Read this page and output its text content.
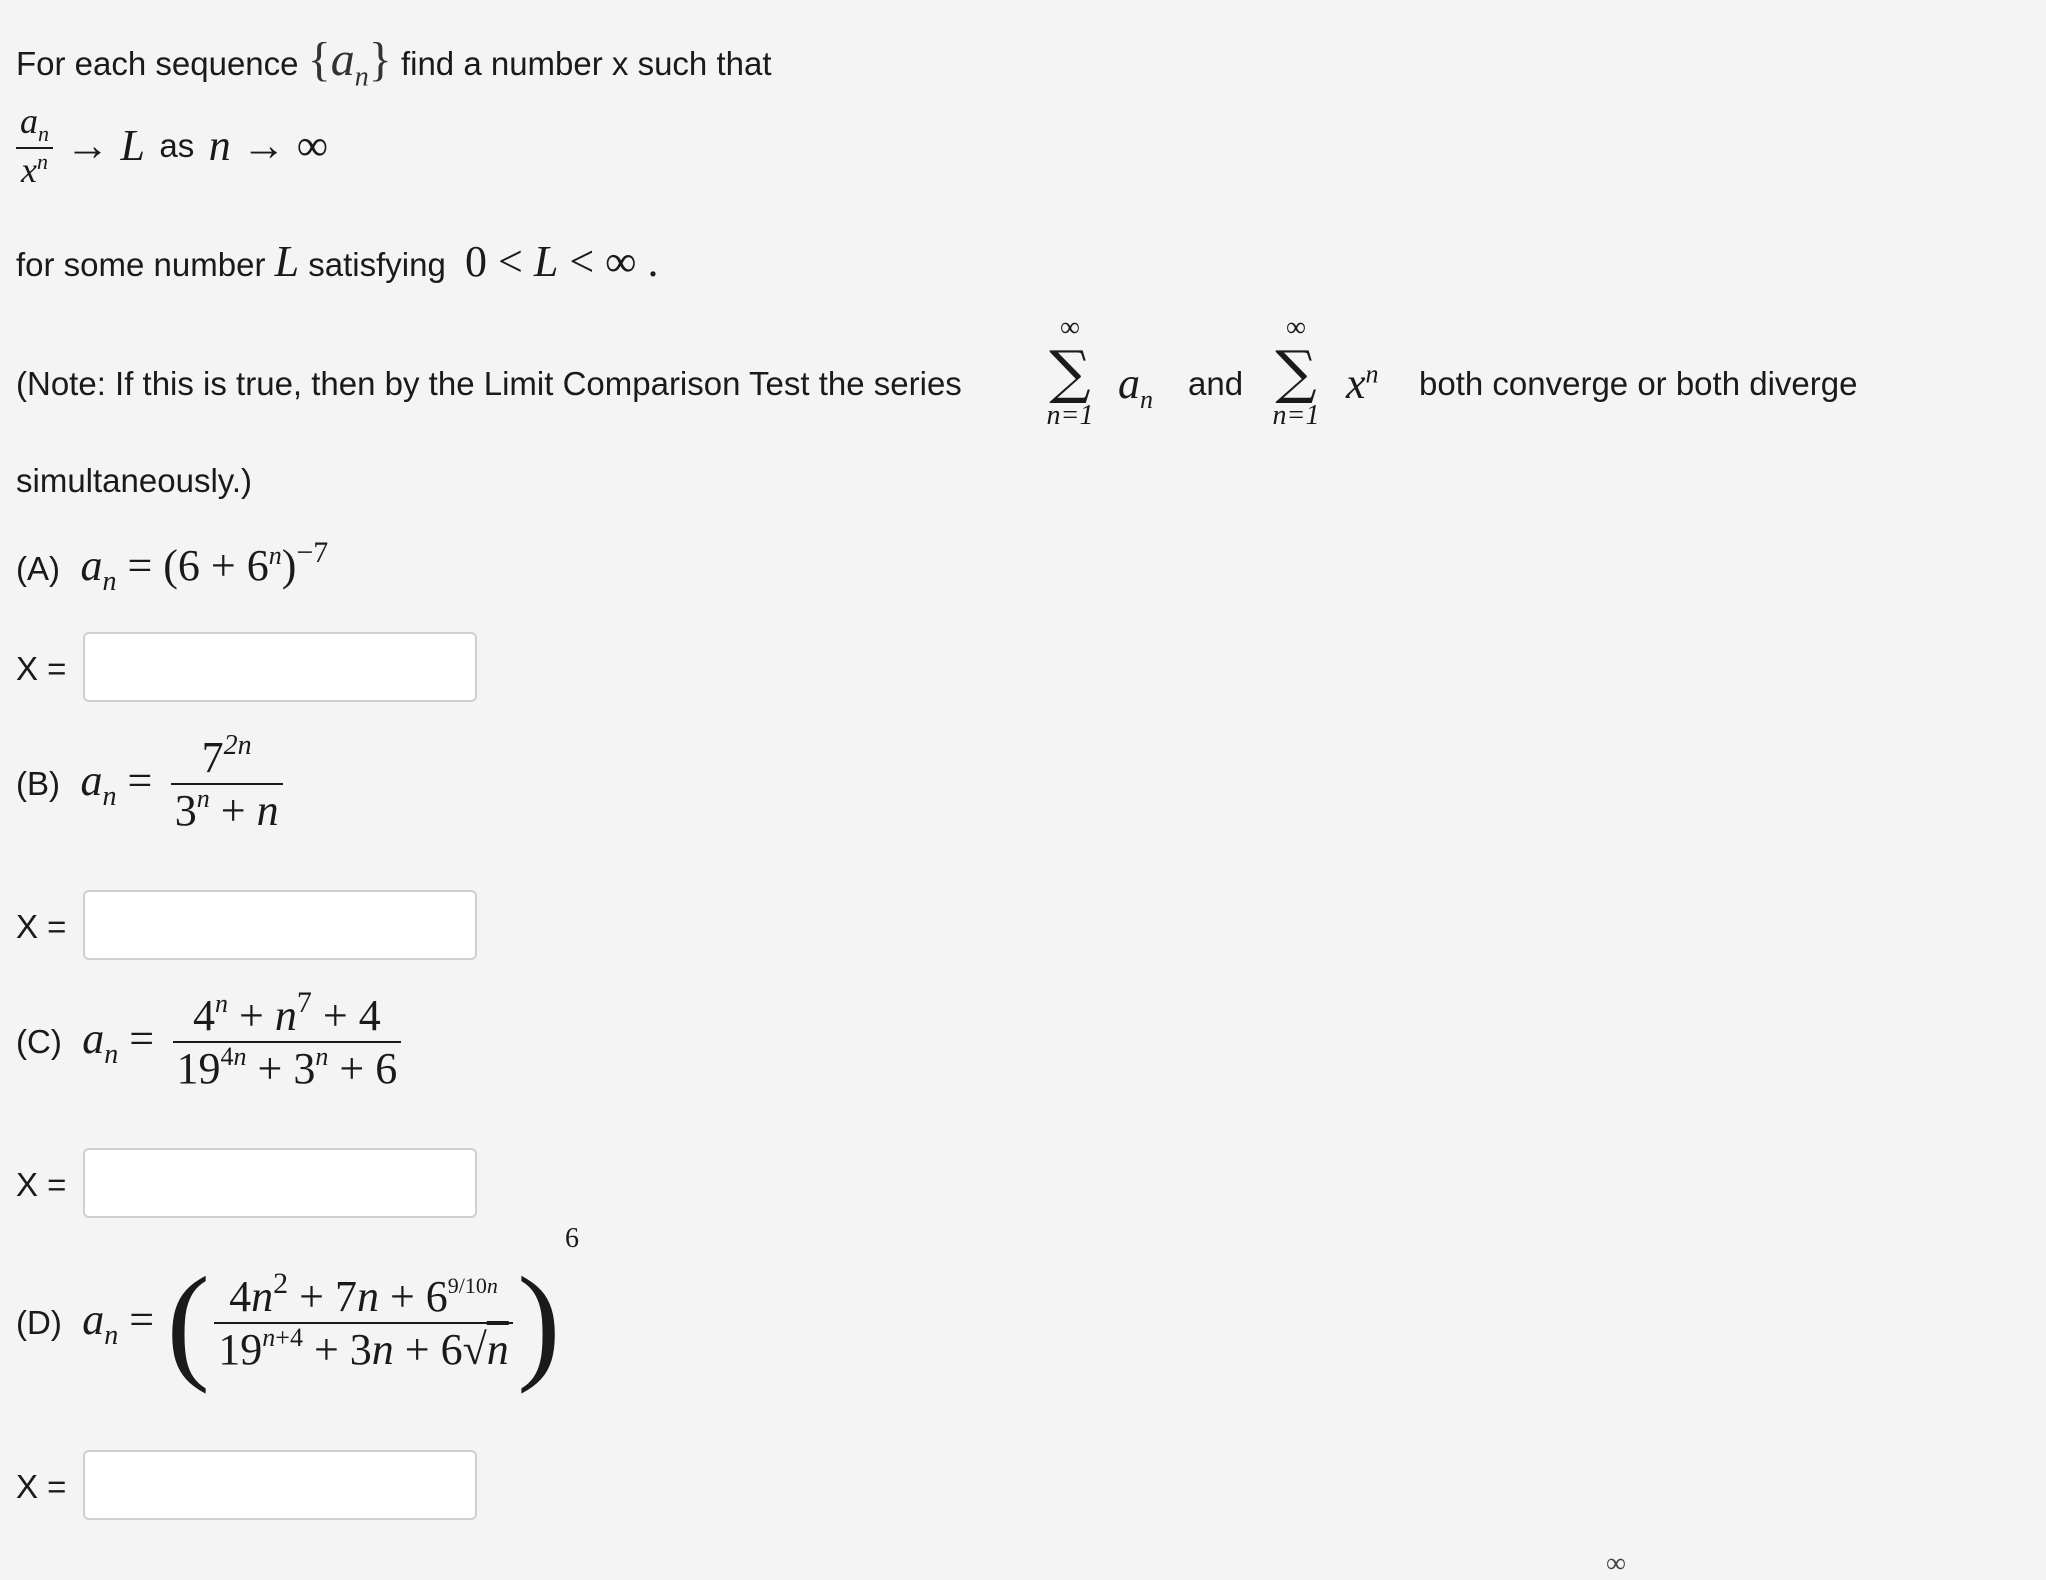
For each sequence $\{a_n\}$ find a number x such that
$\frac{a_n}{x^n} \to L$ as n → ∞
for some number L satisfying 0 < L < ∞ .
(Note: If this is true, then by the Limit Comparison Test the series
∞
∑
n=1
$a_n$ and
∞
∑
n=1
$x^n$ both converge or both diverge
simultaneously.)
(A) $a_n = (6 + 6^n)^{-7}$
X =
(B) $a_n = \frac{7^{2n}}{3^n + n}$
X =
(C) $a_n = \frac{4^n + n^7 + 4}{19^{4n} + 3^n + 6}$
X =
(D) $a_n$ = ( $\frac{4n^2 + 7n + 6^{9/10n}}{19^{n+4} + 3n + 6√n}$ ) 6
X =
∞
